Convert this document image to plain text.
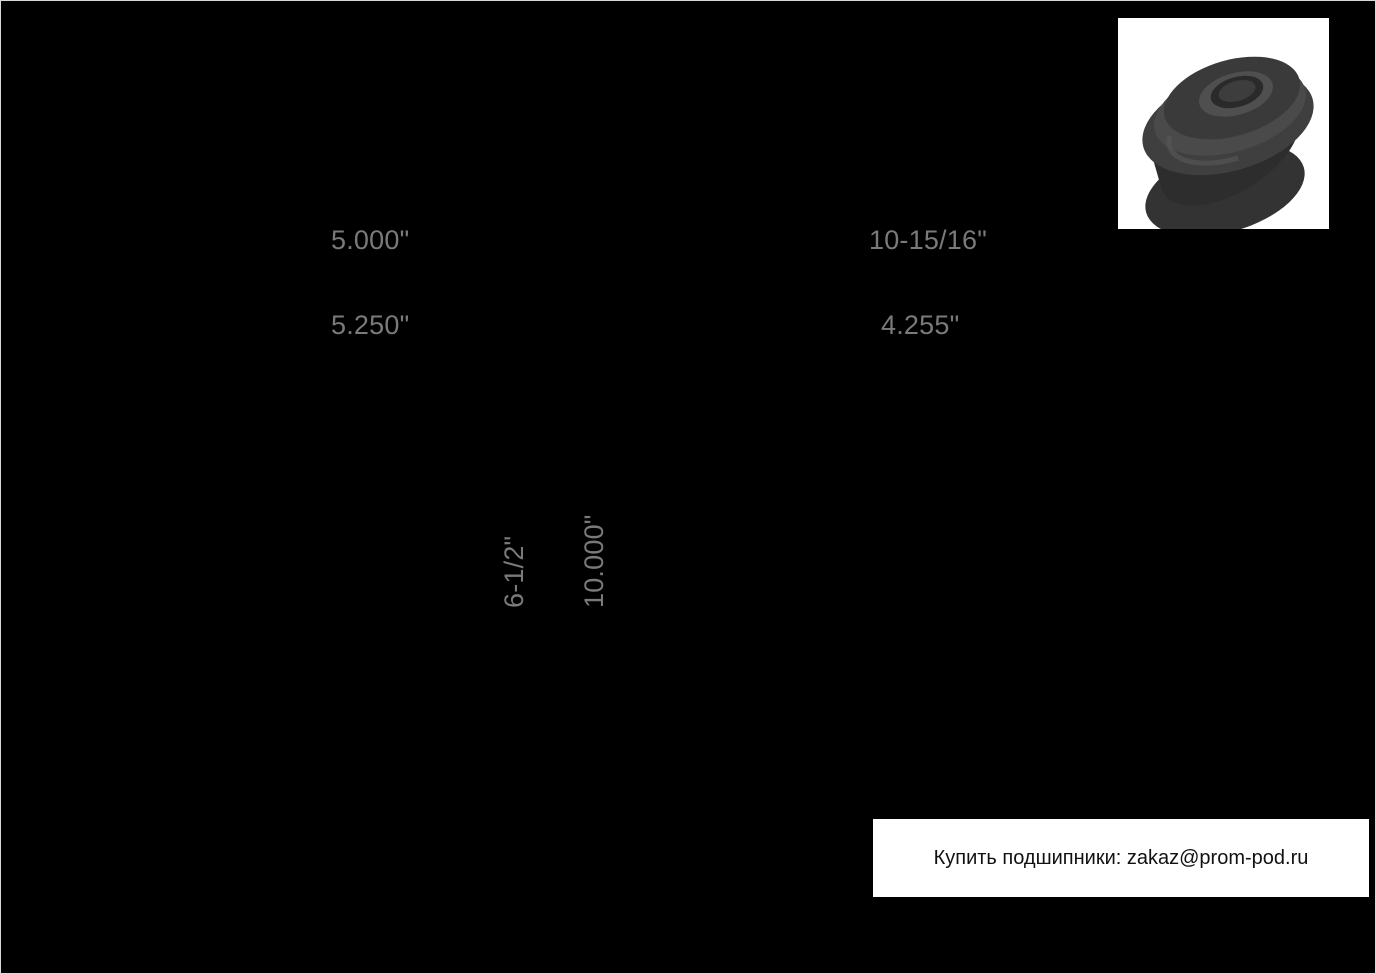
5.000"
5.250"
10-15/16"
4.255"
6-1/2" 10.000"
Купить подшипники: zakaz@prom-pod.ru
